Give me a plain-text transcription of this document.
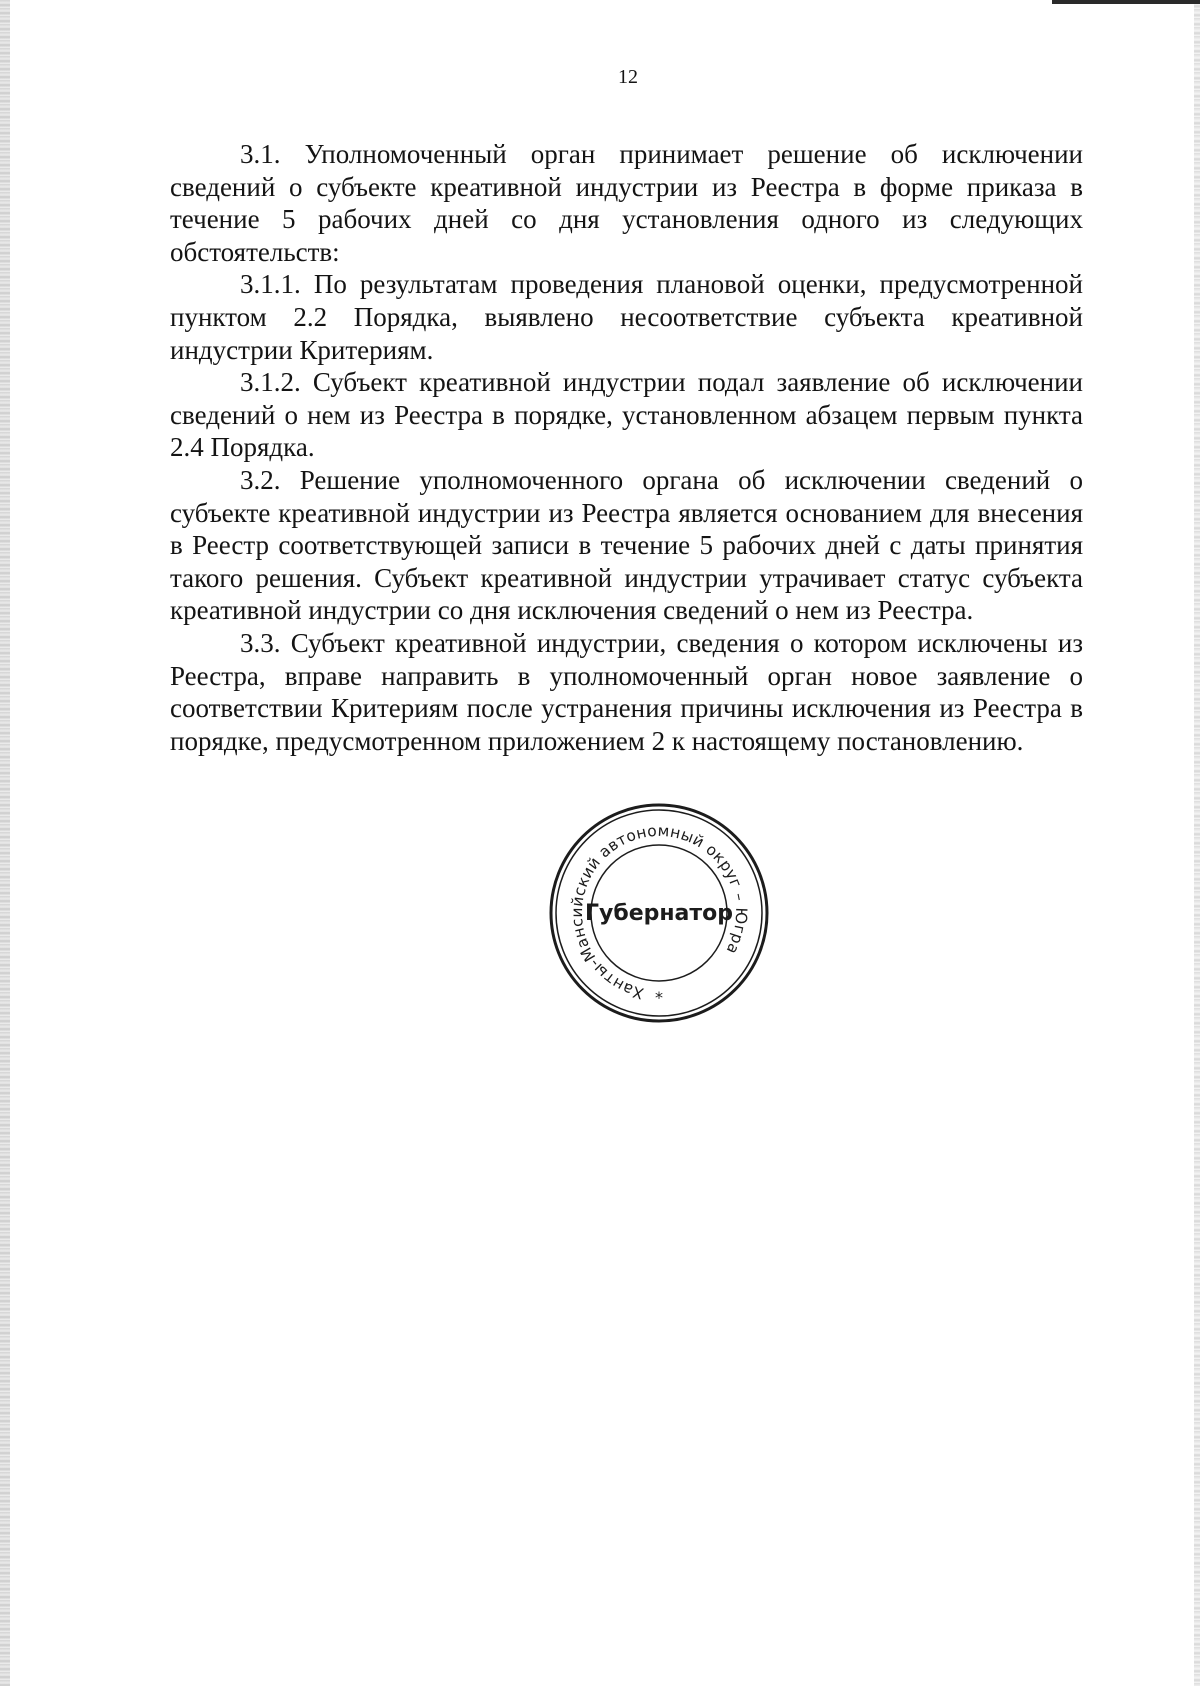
12

3.1. Уполномоченный орган принимает решение об исключении сведений о субъекте креативной индустрии из Реестра в форме приказа в течение 5 рабочих дней со дня установления одного из следующих обстоятельств:

3.1.1. По результатам проведения плановой оценки, предусмотренной пунктом 2.2 Порядка, выявлено несоответствие субъекта креативной индустрии Критериям.

3.1.2. Субъект креативной индустрии подал заявление об исключении сведений о нем из Реестра в порядке, установленном абзацем первым пункта 2.4 Порядка.

3.2. Решение уполномоченного органа об исключении сведений о субъекте креативной индустрии из Реестра является основанием для внесения в Реестр соответствующей записи в течение 5 рабочих дней с даты принятия такого решения. Субъект креативной индустрии утрачивает статус субъекта креативной индустрии со дня исключения сведений о нем из Реестра.

3.3. Субъект креативной индустрии, сведения о котором исключены из Реестра, вправе направить в уполномоченный орган новое заявление о соответствии Критериям после устранения причины исключения из Реестра в порядке, предусмотренном приложением 2 к настоящему постановлению.

Ханты-Мансийский автономный округ – Югра
Губернатор
*
